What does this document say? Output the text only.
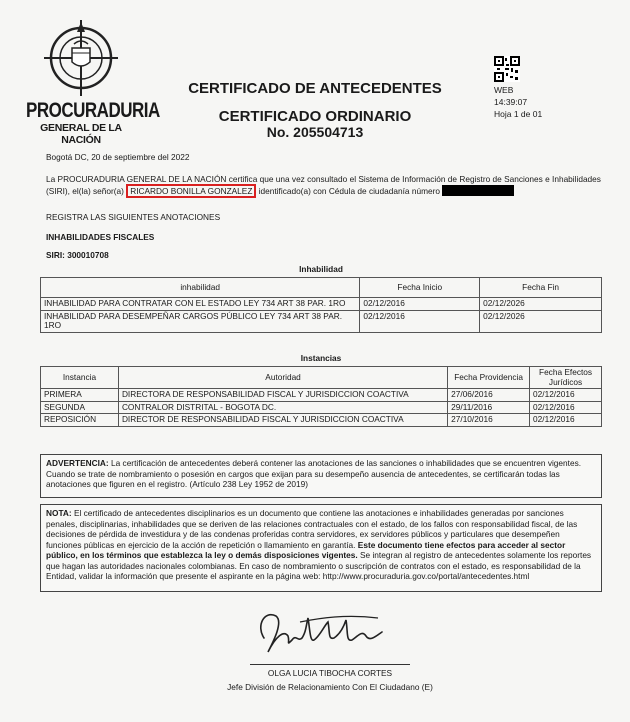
PROCURADURIA
GENERAL DE LA NACIÓN
CERTIFICADO DE ANTECEDENTES
CERTIFICADO ORDINARIO
No. 205504713
WEB
14:39:07
Hoja 1 de 01
Bogotá DC, 20 de septiembre del 2022
La PROCURADURIA GENERAL DE LA NACIÓN certifica que una vez consultado el Sistema de Información de Registro de Sanciones e Inhabilidades (SIRI), el(la) señor(a) RICARDO BONILLA GONZALEZ identificado(a) con Cédula de ciudadanía número
REGISTRA LAS SIGUIENTES ANOTACIONES
INHABILIDADES FISCALES
SIRI: 300010708
Inhabilidad
inhabilidad	Fecha Inicio	Fecha Fin
INHABILIDAD PARA CONTRATAR CON EL ESTADO LEY 734 ART 38 PAR. 1RO	02/12/2016	02/12/2026
INHABILIDAD PARA DESEMPEÑAR CARGOS PÚBLICO LEY 734 ART 38 PAR. 1RO	02/12/2016	02/12/2026
Instancias
Instancia	Autoridad	Fecha Providencia	Fecha Efectos Jurídicos
PRIMERA	DIRECTORA DE RESPONSABILIDAD FISCAL Y JURISDICCION COACTIVA	27/06/2016	02/12/2016
SEGUNDA	CONTRALOR DISTRITAL - BOGOTA DC.	29/11/2016	02/12/2016
REPOSICIÓN	DIRECTOR DE RESPONSABILIDAD FISCAL Y JURISDICCION COACTIVA	27/10/2016	02/12/2016
ADVERTENCIA: La certificación de antecedentes deberá contener las anotaciones de las sanciones o inhabilidades que se encuentren vigentes. Cuando se trate de nombramiento o posesión en cargos que exijan para su desempeño ausencia de antecedentes, se certificarán todas las anotaciones que figuren en el registro. (Artículo 238 Ley 1952 de 2019)
NOTA: El certificado de antecedentes disciplinarios es un documento que contiene las anotaciones e inhabilidades generadas por sanciones penales, disciplinarias, inhabilidades que se deriven de las relaciones contractuales con el estado, de los fallos con responsabilidad fiscal, de las decisiones de pérdida de investidura y de las condenas proferidas contra servidores, ex servidores públicos y particulares que desempeñen funciones públicas en ejercicio de la acción de repetición o llamamiento en garantía. Este documento tiene efectos para acceder al sector público, en los términos que establezca la ley o demás disposiciones vigentes. Se integran al registro de antecedentes solamente los reportes que hagan las autoridades nacionales colombianas. En caso de nombramiento o suscripción de contratos con el estado, es responsabilidad de la Entidad, validar la información que presente el aspirante en la página web: http://www.procuraduria.gov.co/portal/antecedentes.html
OLGA LUCIA TIBOCHA CORTES
Jefe División de Relacionamiento Con El Ciudadano (E)
